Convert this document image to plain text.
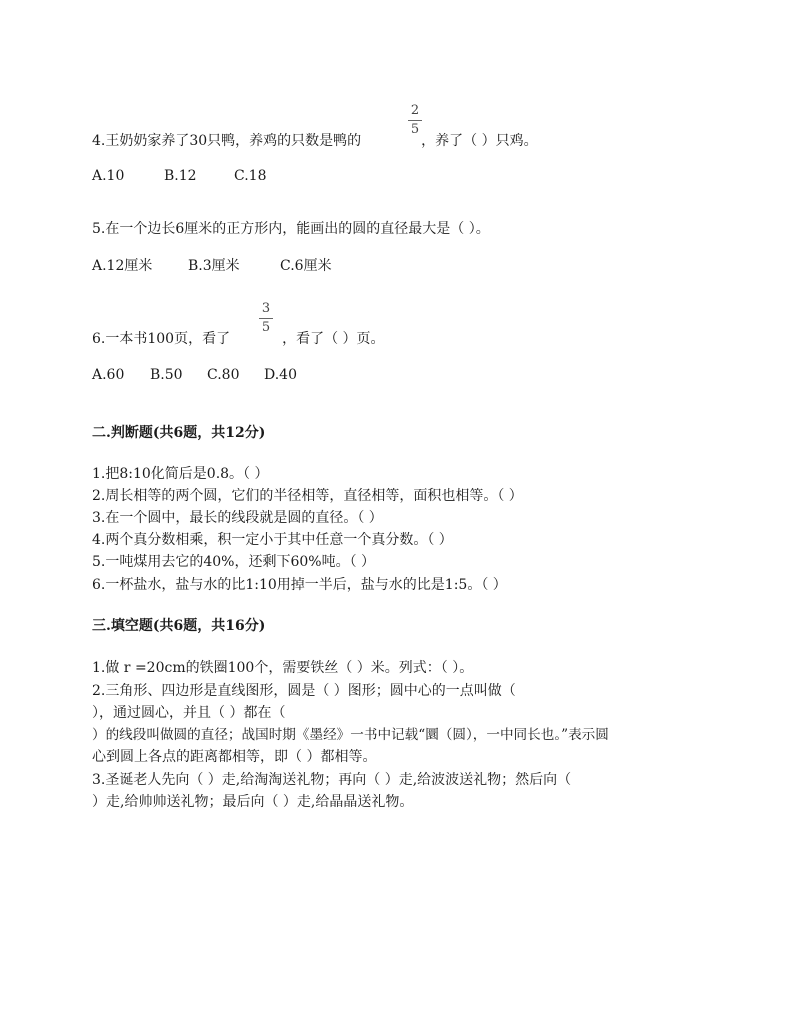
2
5
4.王奶奶家养了30只鸭，养鸡的只数是鸭的	，养了（ ）只鸡。
A.10	B.12	C.18
5.在一个边长6厘米的正方形内，能画出的圆的直径最大是（ ）。
A.12厘米	B.3厘米	C.6厘米
3
5
6.一本书100页，看了	，看了（ ）页。
A.60 B.50 C.80 D.40
二.判断题(共6题，共12分)
1.把8:10化简后是0.8。（ ）
2.周长相等的两个圆，它们的半径相等，直径相等，面积也相等。（ ）
3.在一个圆中，最长的线段就是圆的直径。（ ）
4.两个真分数相乘，积一定小于其中任意一个真分数。（ ）
5.一吨煤用去它的40%，还剩下60%吨。（ ）
6.一杯盐水，盐与水的比1:10用掉一半后，盐与水的比是1:5。（ ）
三.填空题(共6题，共16分)
1.做 r =20cm的铁圈100个，需要铁丝（ ）米。列式：（ ）。
2.三角形、四边形是直线图形，圆是（ ）图形；圆中心的一点叫做（
），通过圆心，并且（ ）都在（
）的线段叫做圆的直径；战国时期《墨经》一书中记载“圜（圆），一中同长也。”表示圆
心到圆上各点的距离都相等，即（ ）都相等。
3.圣诞老人先向（ ）走,给淘淘送礼物；再向（ ）走,给波波送礼物；然后向（
）走,给帅帅送礼物；最后向（ ）走,给晶晶送礼物。
